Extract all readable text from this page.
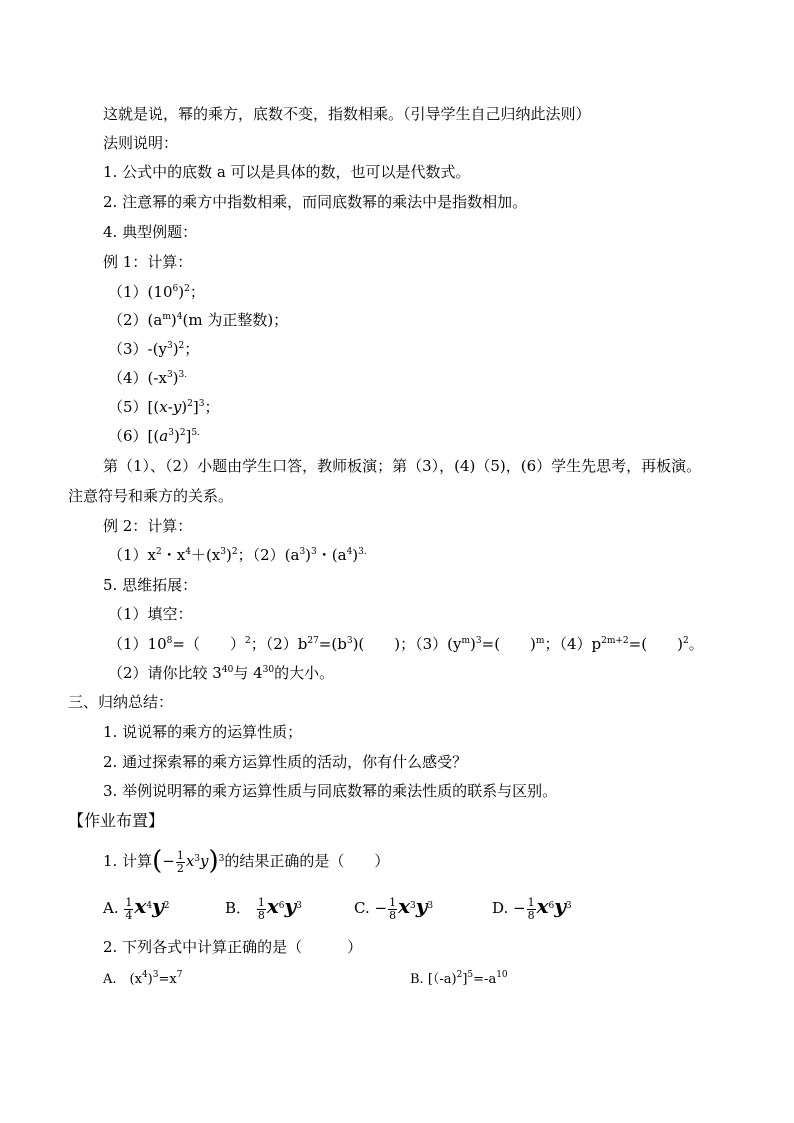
这就是说，幂的乘方，底数不变，指数相乘。（引导学生自己归纳此法则）
法则说明：
1. 公式中的底数 a 可以是具体的数，也可以是代数式。
2. 注意幂的乘方中指数相乘，而同底数幂的乘法中是指数相加。
4. 典型例题：
例 1：计算：
$(1)(10^6)^2$；
$(2)(a^m)^4(m$ 为正整数)；
$(3)-(y^3)^2$；
$(4)(-x^3)^{3.}$
$(5)[(x-y)^2]^3$；
$(6)[(a^3)^2]^{5.}$
第（1）、（2）小题由学生口答，教师板演；第（3），(4)（5)，(6）学生先思考，再板演。
注意符号和乘方的关系。
例 2：计算：
$(1)x^2$・$x^4+(x^3)^2$；$(2)(a^3)^3$・$(a^4)^{3.}$
5. 思维拓展：
（1）填空：
$(1)10^8=$（　　）$^2$；$(2)b^{27}=(b^3)$(　　)；$(3)(y^m)^3=$(　　)$^m$；$(4)p^{2m+2}=$(　　)$^2$。
（2）请你比较 $3^{40}$与 $4^{30}$的大小。
三、归纳总结：
1. 说说幂的乘方的运算性质；
2. 通过探索幂的乘方运算性质的活动，你有什么感受？
3. 举例说明幂的乘方运算性质与同底数幂的乘法性质的联系与区别。
【作业布置】
1. 计算(− $\frac{1}{2} x^3y)^3$的结果正确的是（　　）
A. $\frac{1}{4} x^4y^2$	B． $\frac{1}{8} x^6y^3$	C. − $\frac{1}{8} x^3y^3$	D. − $\frac{1}{8} x^6y^3$
2. 下列各式中计算正确的是（　　　）
A.　$(x^4)^3=x^7$	B. $[(-a)^2]^5=-a^{10}$
